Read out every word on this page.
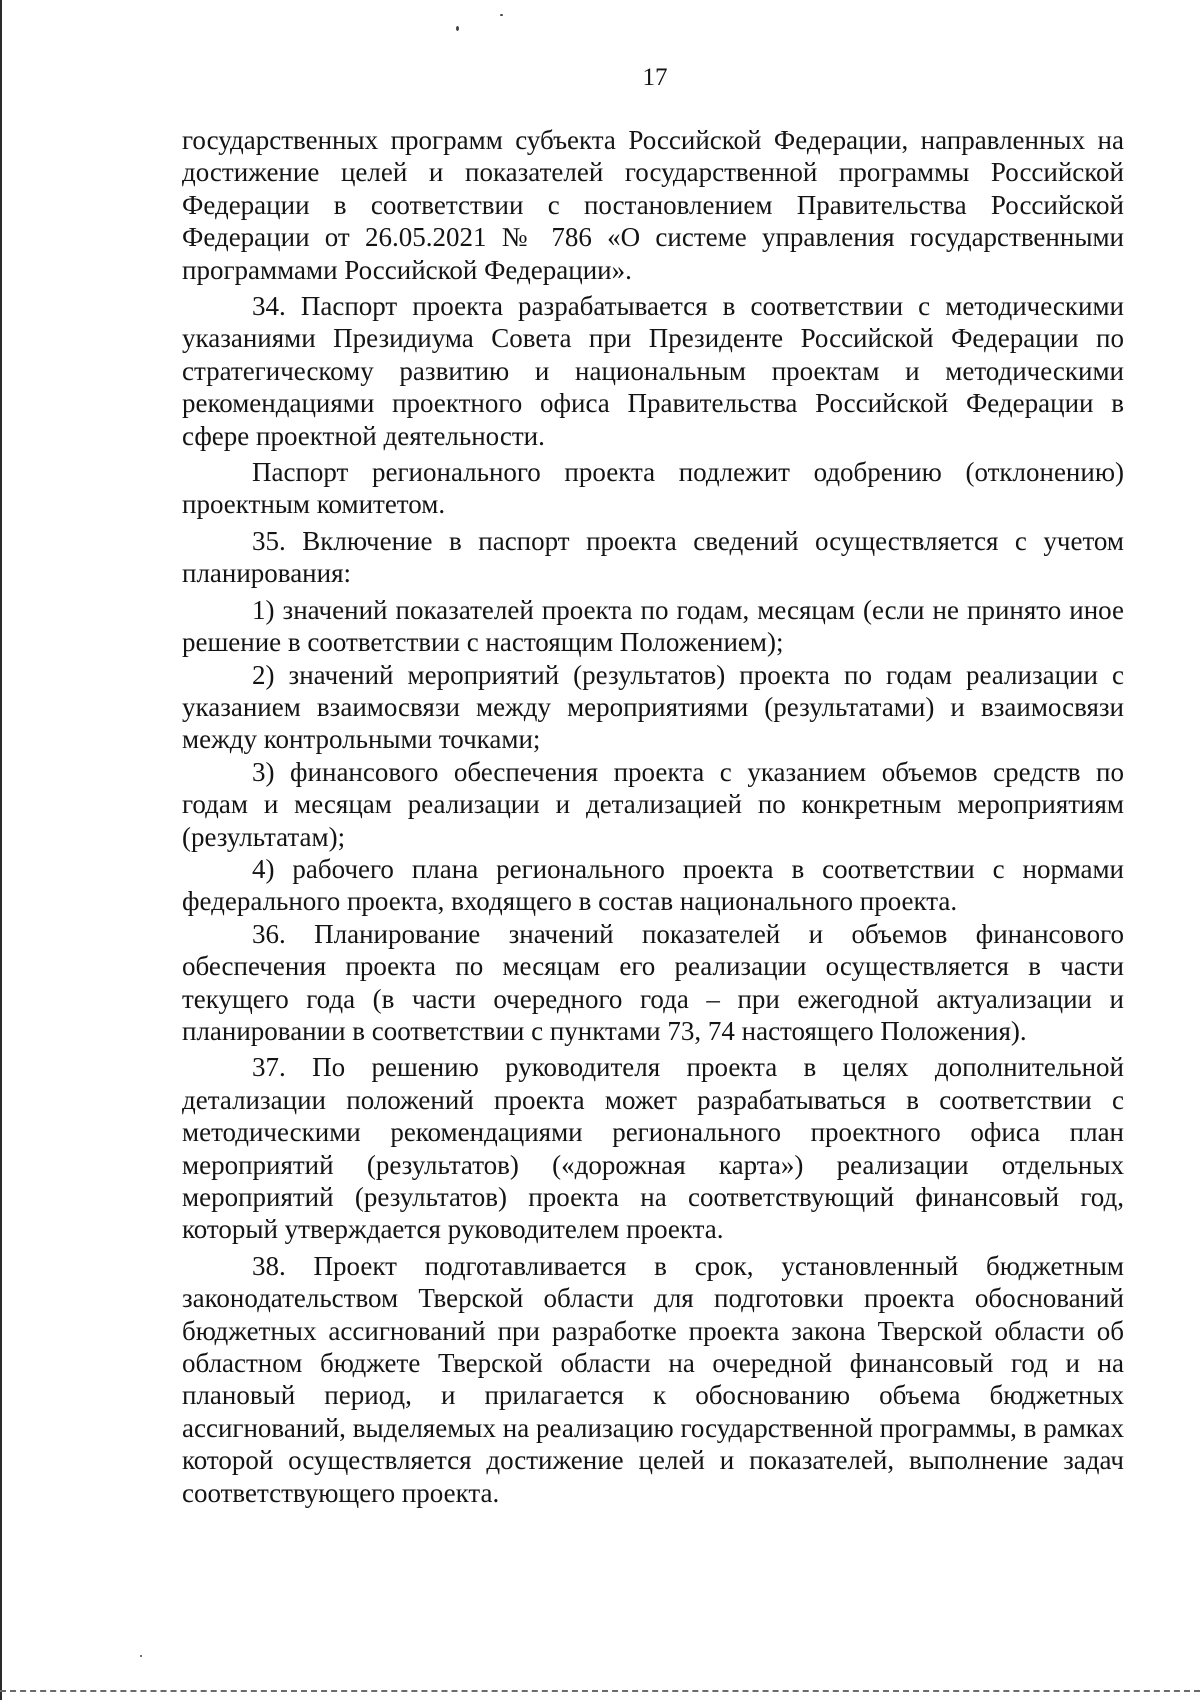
17

государственных программ субъекта Российской Федерации, направленных на достижение целей и показателей государственной программы Российской Федерации в соответствии с постановлением Правительства Российской Федерации от 26.05.2021 № 786 «О системе управления государственными программами Российской Федерации».

34. Паспорт проекта разрабатывается в соответствии с методическими указаниями Президиума Совета при Президенте Российской Федерации по стратегическому развитию и национальным проектам и методическими рекомендациями проектного офиса Правительства Российской Федерации в сфере проектной деятельности.

Паспорт регионального проекта подлежит одобрению (отклонению) проектным комитетом.

35. Включение в паспорт проекта сведений осуществляется с учетом планирования:

1) значений показателей проекта по годам, месяцам (если не принято иное решение в соответствии с настоящим Положением);

2) значений мероприятий (результатов) проекта по годам реализации с указанием взаимосвязи между мероприятиями (результатами) и взаимосвязи между контрольными точками;

3) финансового обеспечения проекта с указанием объемов средств по годам и месяцам реализации и детализацией по конкретным мероприятиям (результатам);

4) рабочего плана регионального проекта в соответствии с нормами федерального проекта, входящего в состав национального проекта.

36. Планирование значений показателей и объемов финансового обеспечения проекта по месяцам его реализации осуществляется в части текущего года (в части очередного года – при ежегодной актуализации и планировании в соответствии с пунктами 73, 74 настоящего Положения).

37. По решению руководителя проекта в целях дополнительной детализации положений проекта может разрабатываться в соответствии с методическими рекомендациями регионального проектного офиса план мероприятий (результатов) («дорожная карта») реализации отдельных мероприятий (результатов) проекта на соответствующий финансовый год, который утверждается руководителем проекта.

38. Проект подготавливается в срок, установленный бюджетным законодательством Тверской области для подготовки проекта обоснований бюджетных ассигнований при разработке проекта закона Тверской области об областном бюджете Тверской области на очередной финансовый год и на плановый период, и прилагается к обоснованию объема бюджетных ассигнований, выделяемых на реализацию государственной программы, в рамках которой осуществляется достижение целей и показателей, выполнение задач соответствующего проекта.
